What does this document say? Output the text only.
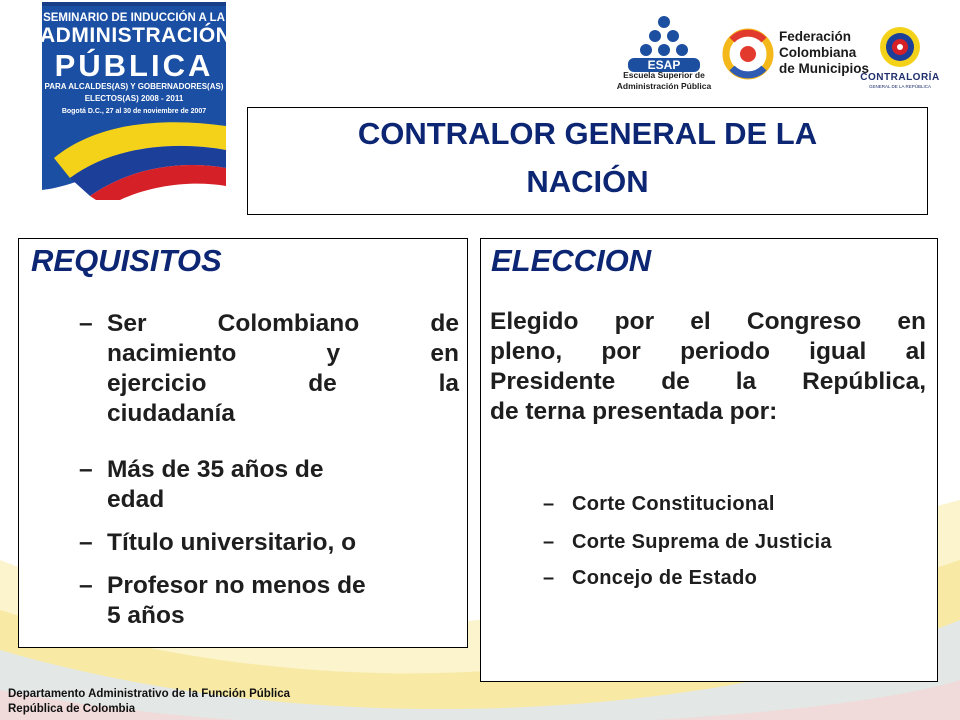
SEMINARIO DE INDUCCIÓN A LA
ADMINISTRACIÓN
PÚBLICA
PARA ALCALDES(AS) Y GOBERNADORES(AS)
ELECTOS(AS) 2008 - 2011
Bogotá D.C., 27 al 30 de noviembre de 2007
ESAP
Escuela Superior de
Administración Pública
Federación
Colombiana
de Municipios
CONTRALORÍA
GENERAL DE LA REPÚBLICA
CONTRALOR GENERAL DE LA
NACIÓN
REQUISITOS
– Ser Colombiano de
nacimiento y en
ejercicio de la
ciudadanía
– Más de 35 años de
edad
– Título universitario, o
– Profesor no menos de
5 años
ELECCION
Elegido por el Congreso en
pleno, por periodo igual al
Presidente de la República,
de terna presentada por:
– Corte Constitucional
– Corte Suprema de Justicia
– Concejo de Estado
Departamento Administrativo de la Función Pública
República de Colombia
